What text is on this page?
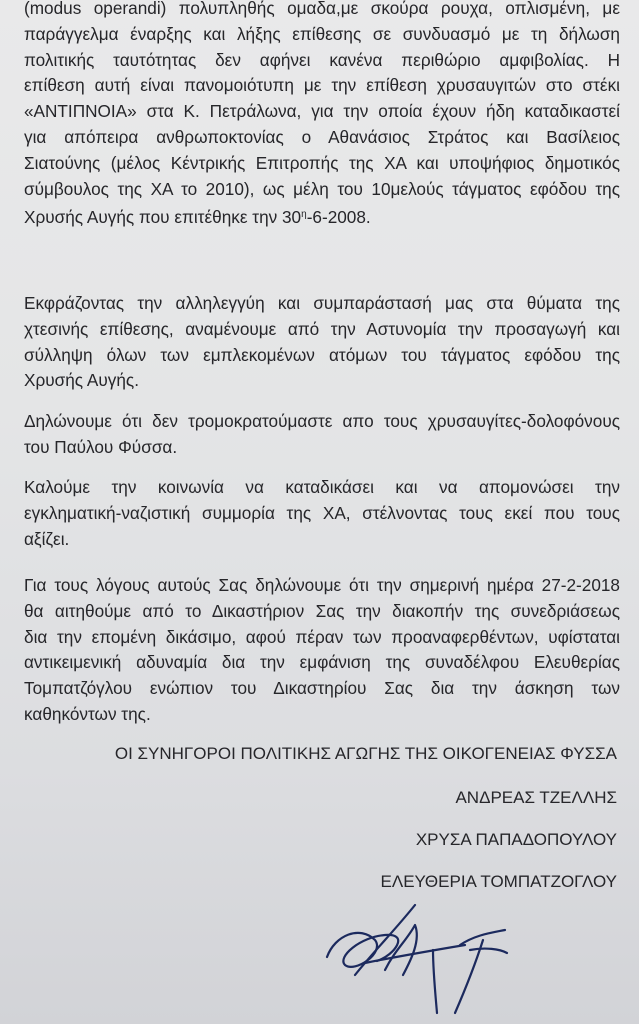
(modus operandi) πολυπληθής ομαδα,με σκούρα ρουχα, οπλισμένη, με
παράγγελμα έναρξης και λήξης επίθεσης σε συνδυασμό με τη δήλωση
πολιτικής ταυτότητας δεν αφήνει κανένα περιθώριο αμφιβολίας. Η
επίθεση αυτή είναι πανομοιότυπη με την επίθεση χρυσαυγιτών στο στέκι
«ΑΝΤΙΠΝΟΙΑ» στα Κ. Πετράλωνα, για την οποία έχουν ήδη καταδικαστεί
για απόπειρα ανθρωποκτονίας ο Αθανάσιος Στράτος και Βασίλειος
Σιατούνης (μέλος Κέντρικής Επιτροπής της ΧΑ και υποψήφιος δημοτικός
σύμβουλος της ΧΑ το 2010), ως μέλη του 10μελούς τάγματος εφόδου της
Χρυσής Αυγής που επιτέθηκε την $30^\eta-6-2008$.
Εκφράζοντας την αλληλεγγύη και συμπαράστασή μας στα θύματα της
χτεσινής επίθεσης, αναμένουμε από την Αστυνομία την προσαγωγή και
σύλληψη όλων των εμπλεκομένων ατόμων του τάγματος εφόδου της
Χρυσής Αυγής.
Δηλώνουμε ότι δεν τρομοκρατούμαστε απο τους χρυσαυγίτες-δολοφόνους
του Παύλου Φύσσα.
Καλούμε την κοινωνία να καταδικάσει και να απομονώσει την
εγκληματική-ναζιστική συμμορία της ΧΑ, στέλνοντας τους εκεί που τους
αξίζει.
Για τους λόγους αυτούς Σας δηλώνουμε ότι την σημερινή ημέρα 27-2-2018
θα αιτηθούμε από το Δικαστήριον Σας την διακοπήν της συνεδριάσεως
δια την επομένη δικάσιμο, αφού πέραν των προαναφερθέντων, υφίσταται
αντικειμενική αδυναμία δια την εμφάνιση της συναδέλφου Ελευθερίας
Τομπατζόγλου ενώπιον του Δικαστηρίου Σας δια την άσκηση των
καθηκόντων της.
ΟΙ ΣΥΝΗΓΟΡΟΙ ΠΟΛΙΤΙΚΗΣ ΑΓΩΓΗΣ ΤΗΣ ΟΙΚΟΓΕΝΕΙΑΣ ΦΥΣΣΑ
ΑΝΔΡΕΑΣ ΤΖΕΛΛΗΣ
ΧΡΥΣΑ ΠΑΠΑΔΟΠΟΥΛΟΥ
ΕΛΕΥΘΕΡΙΑ ΤΟΜΠΑΤΖΟΓΛΟΥ
